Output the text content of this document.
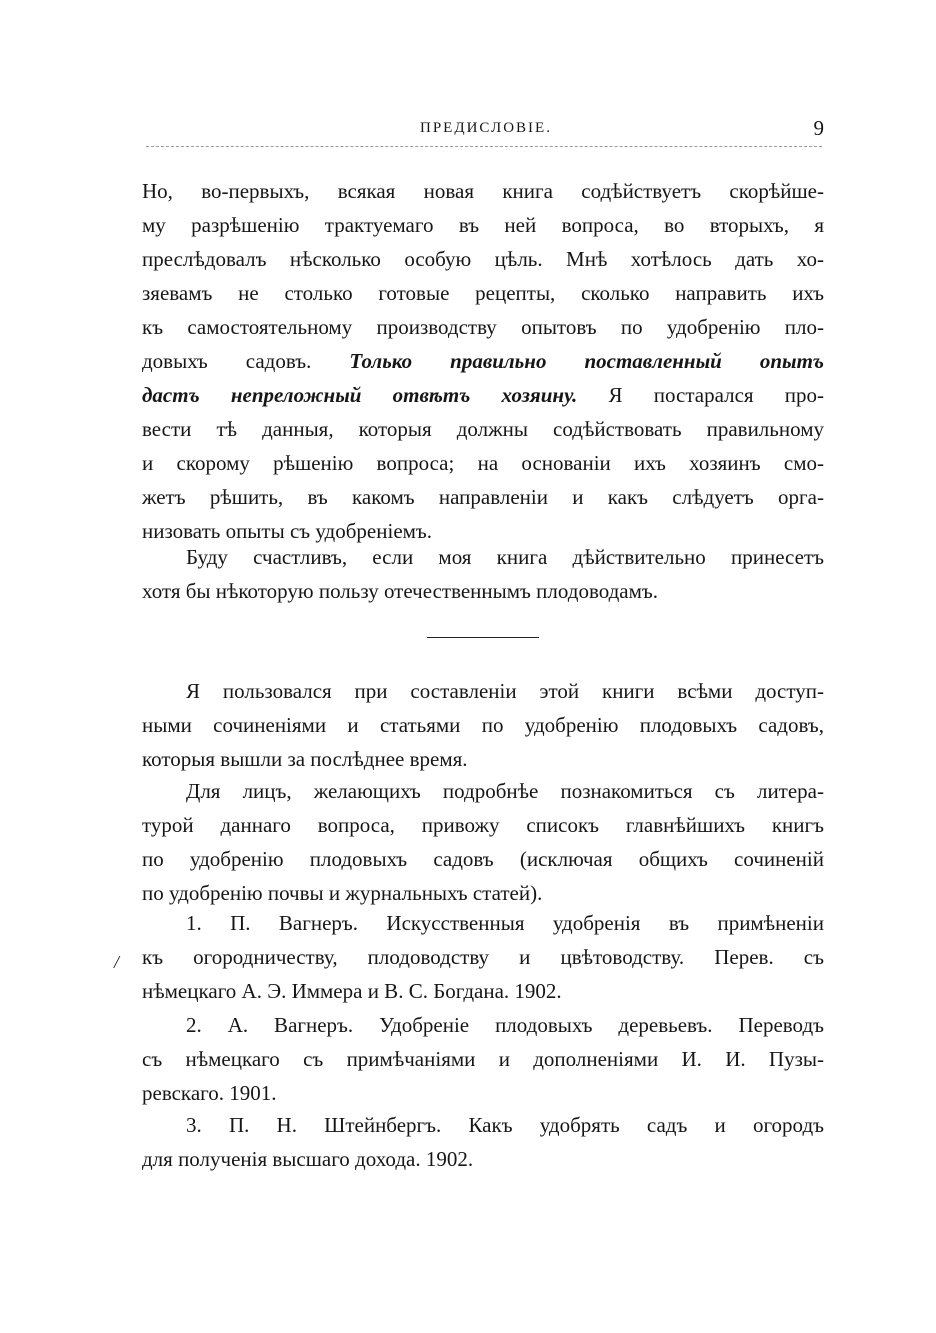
ПРЕДИСЛОВІЕ.	9
Но, во-первыхъ, всякая новая книга содѣйствуетъ скорѣйше-
му разрѣшенію трактуемаго въ ней вопроса, во вторыхъ, я
преслѣдовалъ нѣсколько особую цѣль. Мнѣ хотѣлось дать хо-
зяевамъ не столько готовые рецепты, сколько направить ихъ
къ самостоятельному производству опытовъ по удобренію пло-
довыхъ садовъ. Только правильно поставленный опытъ
дастъ непреложный отвѣтъ хозяину. Я постарался про-
вести тѣ данныя, которыя должны содѣйствовать правильному
и скорому рѣшенію вопроса; на основаніи ихъ хозяинъ смо-
жетъ рѣшить, въ какомъ направленіи и какъ слѣдуетъ орга-
низовать опыты съ удобреніемъ.
Буду счастливъ, если моя книга дѣйствительно принесетъ
хотя бы нѣкоторую пользу отечественнымъ плодоводамъ.
Я пользовался при составленіи этой книги всѣми доступ-
ными сочиненіями и статьями по удобренію плодовыхъ садовъ,
которыя вышли за послѣднее время.
Для лицъ, желающихъ подробнѣе познакомиться съ литера-
турой даннаго вопроса, привожу списокъ главнѣйшихъ книгъ
по удобренію плодовыхъ садовъ (исключая общихъ сочиненій
по удобренію почвы и журнальныхъ статей).
1. П. Вагнеръ. Искусственныя удобренія въ примѣненіи
къ огородничеству, плодоводству и цвѣтоводству. Перев. съ
нѣмецкаго А. Э. Иммера и В. С. Богдана. 1902.
2. А. Вагнеръ. Удобреніе плодовыхъ деревьевъ. Переводъ
съ нѣмецкаго съ примѣчаніями и дополненіями И. И. Пузы-
ревскаго. 1901.
3. П. Н. Штейнбергъ. Какъ удобрять садъ и огородъ
для полученія высшаго дохода. 1902.
/
